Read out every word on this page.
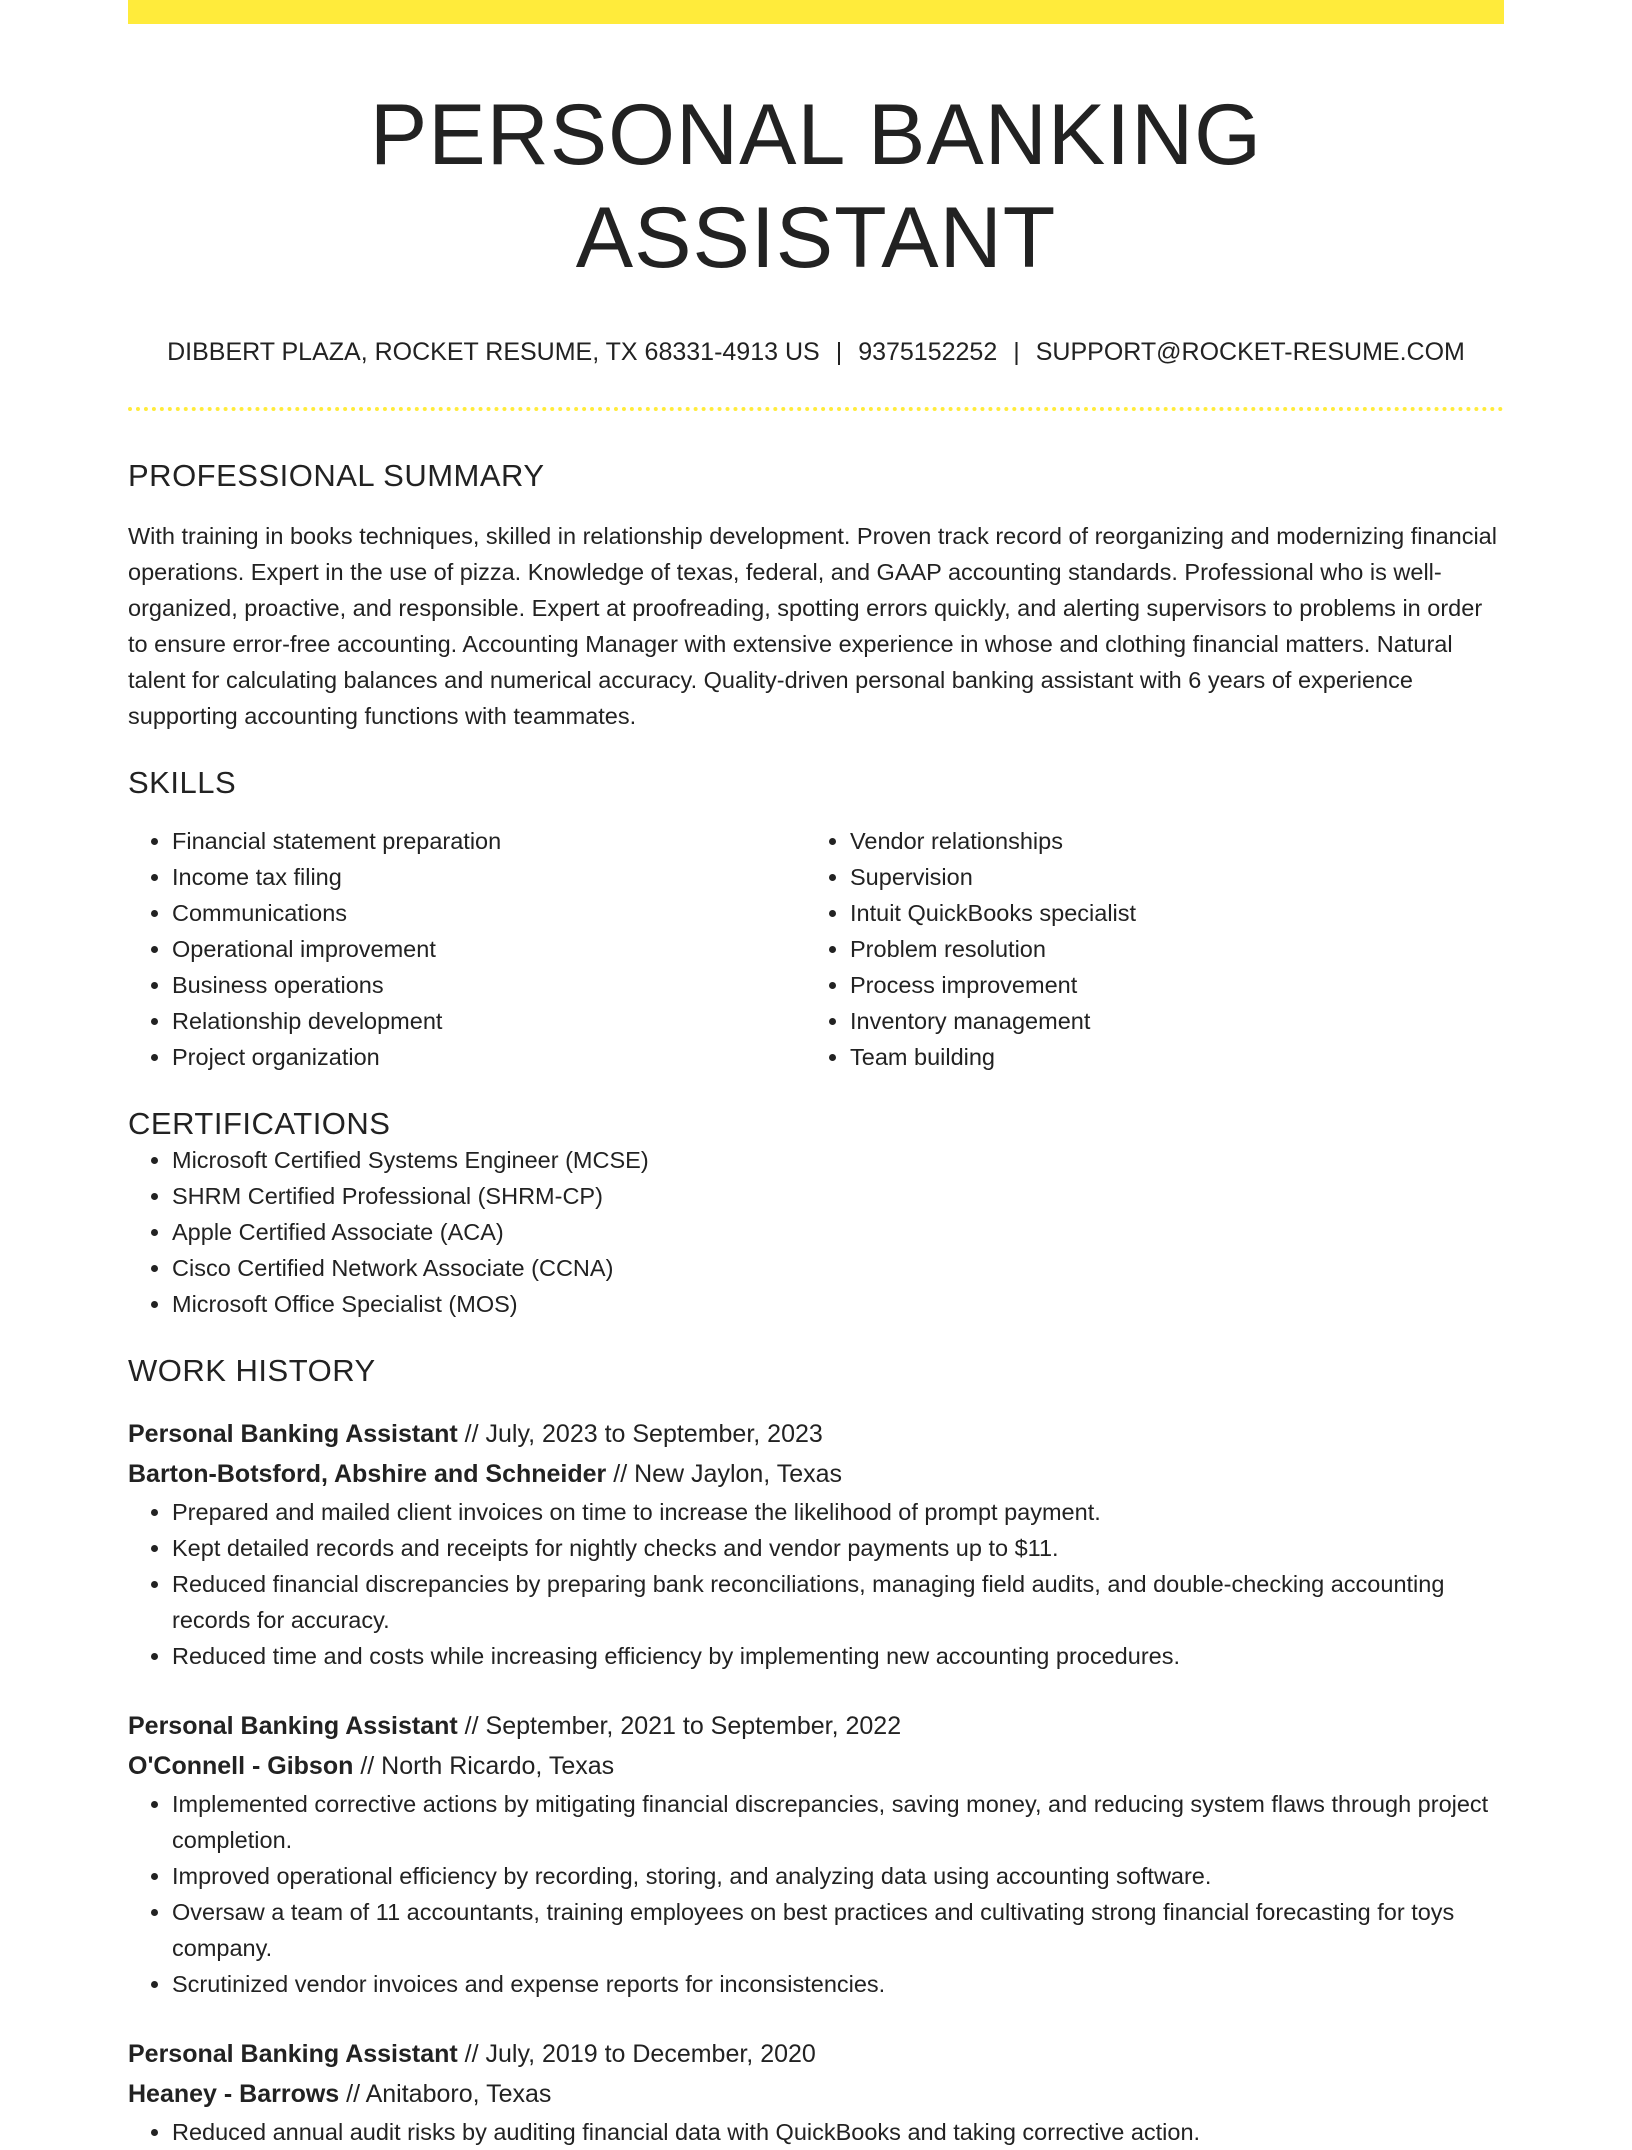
PERSONAL BANKING ASSISTANT
DIBBERT PLAZA, ROCKET RESUME, TX 68331-4913 US | 9375152252 | SUPPORT@ROCKET-RESUME.COM
PROFESSIONAL SUMMARY
With training in books techniques, skilled in relationship development. Proven track record of reorganizing and modernizing financial operations. Expert in the use of pizza. Knowledge of texas, federal, and GAAP accounting standards. Professional who is well-organized, proactive, and responsible. Expert at proofreading, spotting errors quickly, and alerting supervisors to problems in order to ensure error-free accounting. Accounting Manager with extensive experience in whose and clothing financial matters. Natural talent for calculating balances and numerical accuracy. Quality-driven personal banking assistant with 6 years of experience supporting accounting functions with teammates.
SKILLS
• Financial statement preparation
• Income tax filing
• Communications
• Operational improvement
• Business operations
• Relationship development
• Project organization
• Vendor relationships
• Supervision
• Intuit QuickBooks specialist
• Problem resolution
• Process improvement
• Inventory management
• Team building
CERTIFICATIONS
• Microsoft Certified Systems Engineer (MCSE)
• SHRM Certified Professional (SHRM-CP)
• Apple Certified Associate (ACA)
• Cisco Certified Network Associate (CCNA)
• Microsoft Office Specialist (MOS)
WORK HISTORY
Personal Banking Assistant // July, 2023 to September, 2023
Barton-Botsford, Abshire and Schneider // New Jaylon, Texas
• Prepared and mailed client invoices on time to increase the likelihood of prompt payment.
• Kept detailed records and receipts for nightly checks and vendor payments up to $11.
• Reduced financial discrepancies by preparing bank reconciliations, managing field audits, and double-checking accounting records for accuracy.
• Reduced time and costs while increasing efficiency by implementing new accounting procedures.
Personal Banking Assistant // September, 2021 to September, 2022
O'Connell - Gibson // North Ricardo, Texas
• Implemented corrective actions by mitigating financial discrepancies, saving money, and reducing system flaws through project completion.
• Improved operational efficiency by recording, storing, and analyzing data using accounting software.
• Oversaw a team of 11 accountants, training employees on best practices and cultivating strong financial forecasting for toys company.
• Scrutinized vendor invoices and expense reports for inconsistencies.
Personal Banking Assistant // July, 2019 to December, 2020
Heaney - Barrows // Anitaboro, Texas
• Reduced annual audit risks by auditing financial data with QuickBooks and taking corrective action.
